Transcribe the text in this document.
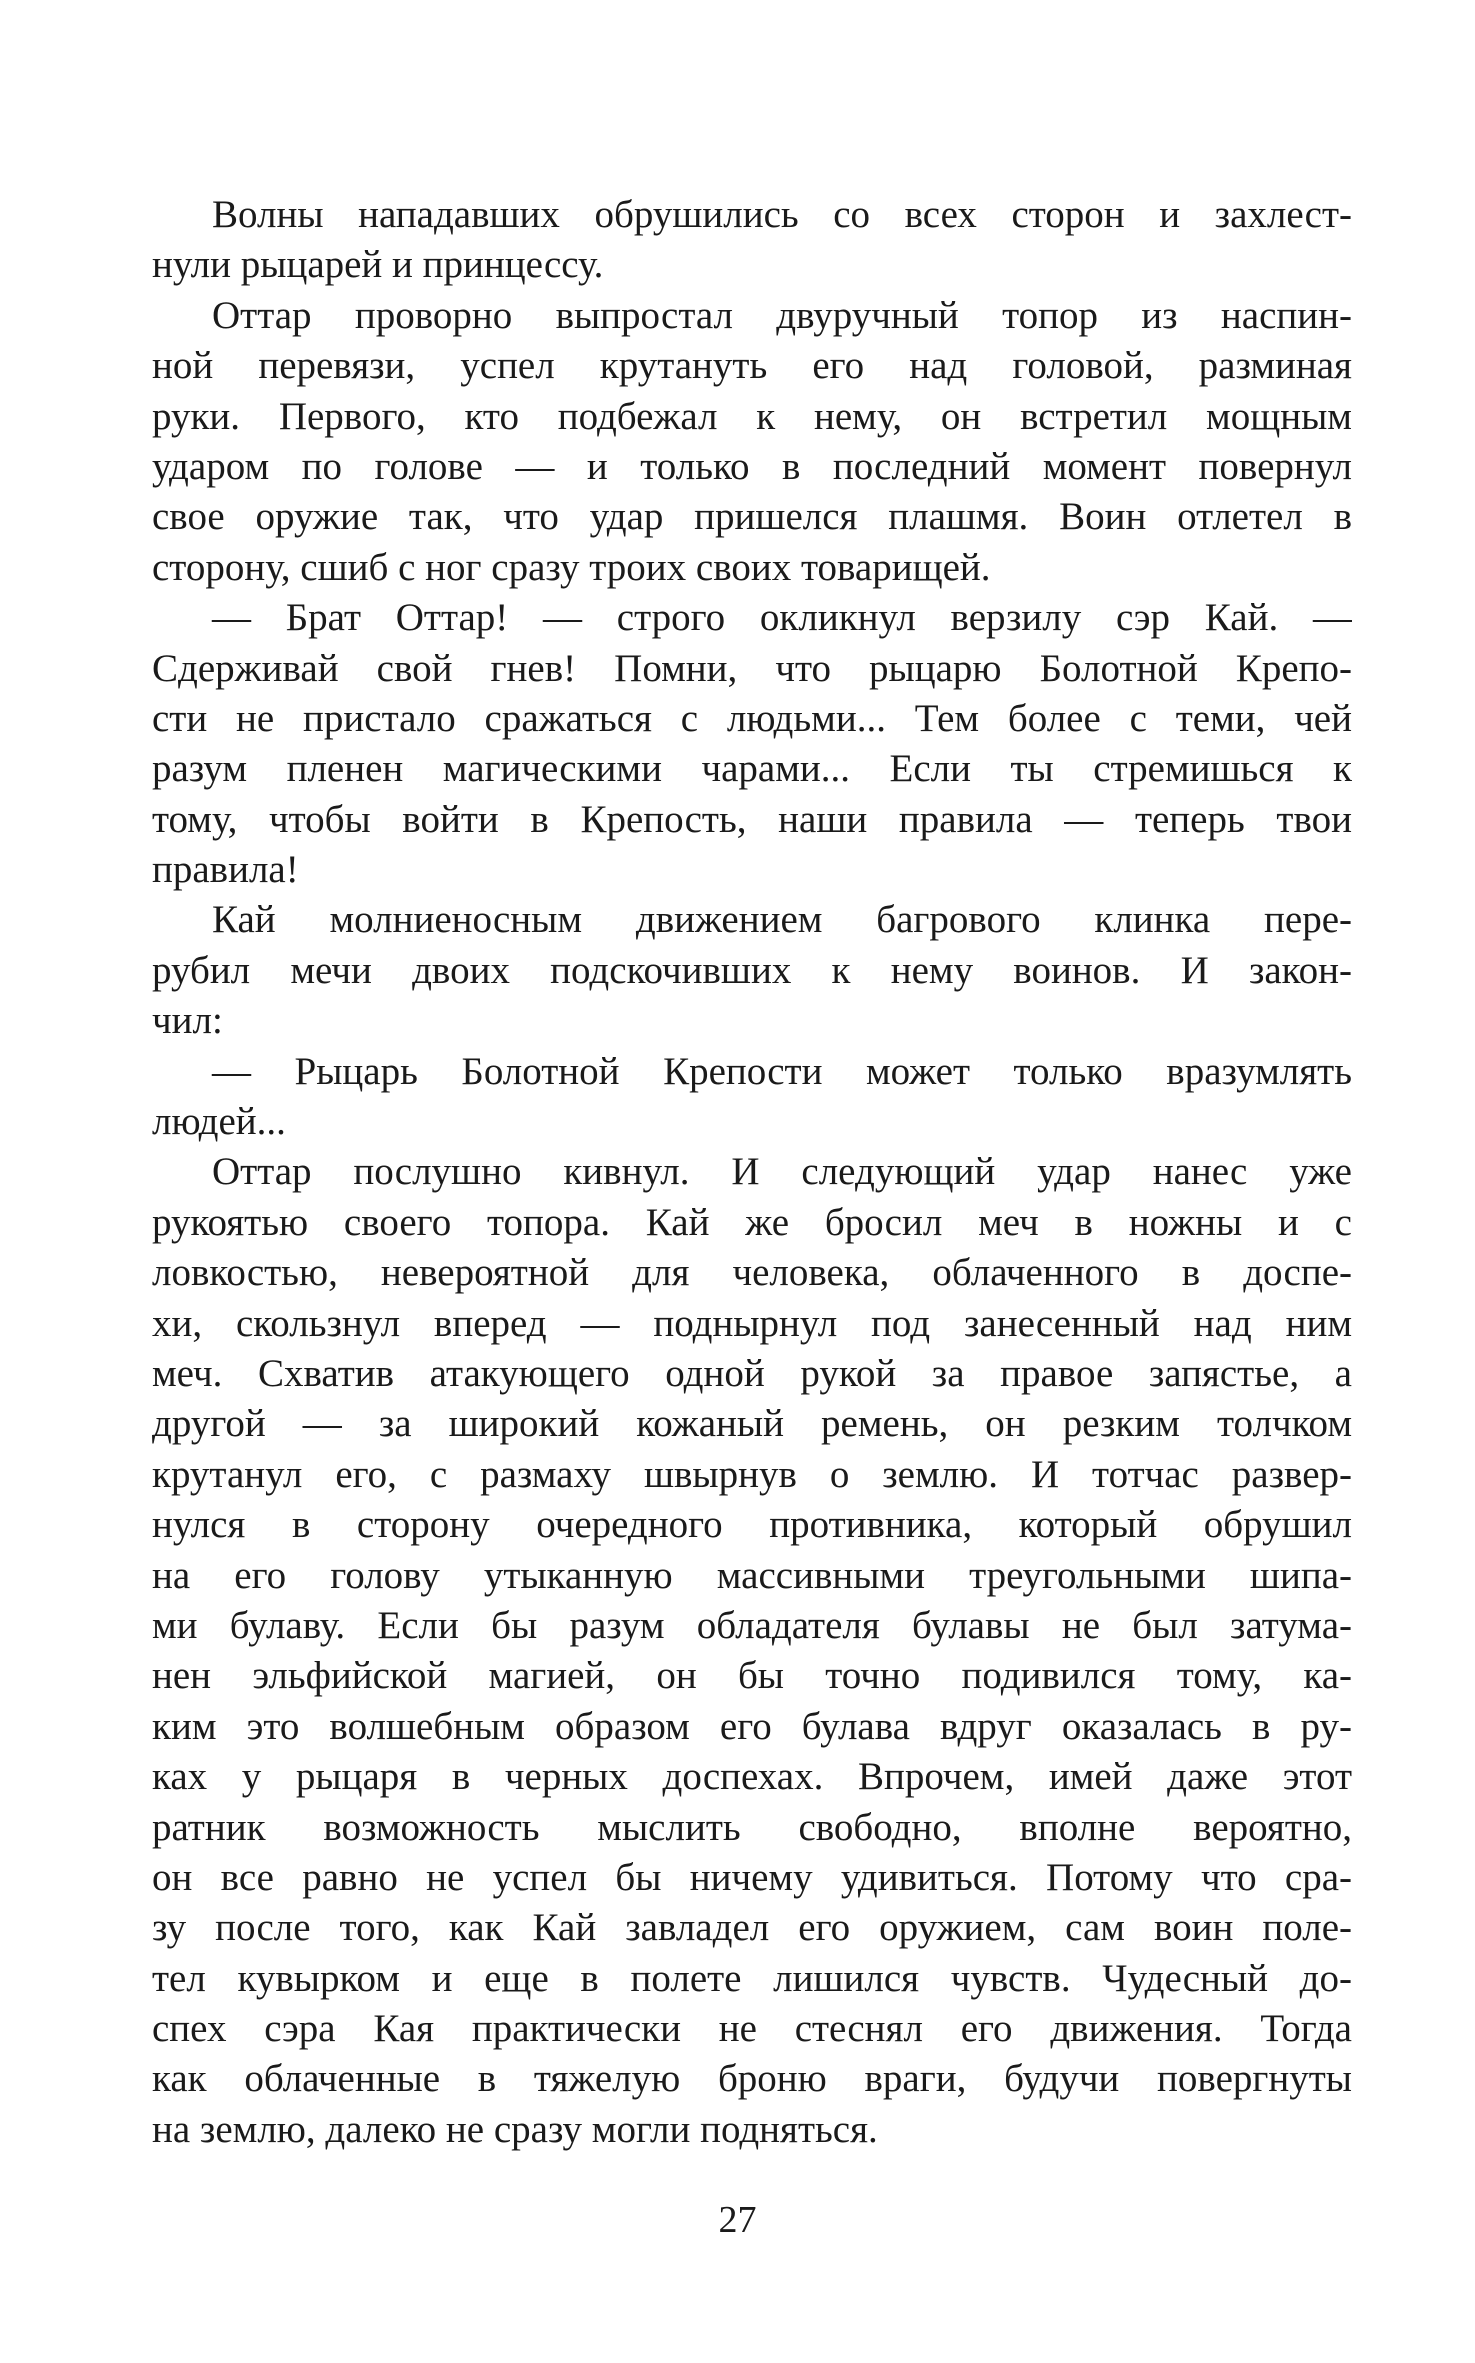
Волны нападавших обрушились со всех сторон и захлест-
нули рыцарей и принцессу.
Оттар проворно выпростал двуручный топор из наспин-
ной перевязи, успел крутануть его над головой, разминая
руки. Первого, кто подбежал к нему, он встретил мощным
ударом по голове — и только в последний момент повернул
свое оружие так, что удар пришелся плашмя. Воин отлетел в
сторону, сшиб с ног сразу троих своих товарищей.
— Брат Оттар! — строго окликнул верзилу сэр Кай. —
Сдерживай свой гнев! Помни, что рыцарю Болотной Крепо-
сти не пристало сражаться с людьми... Тем более с теми, чей
разум пленен магическими чарами... Если ты стремишься к
тому, чтобы войти в Крепость, наши правила — теперь твои
правила!
Кай молниеносным движением багрового клинка пере-
рубил мечи двоих подскочивших к нему воинов. И закон-
чил:
— Рыцарь Болотной Крепости может только вразумлять
людей...
Оттар послушно кивнул. И следующий удар нанес уже
рукоятью своего топора. Кай же бросил меч в ножны и с
ловкостью, невероятной для человека, облаченного в доспе-
хи, скользнул вперед — поднырнул под занесенный над ним
меч. Схватив атакующего одной рукой за правое запястье, а
другой — за широкий кожаный ремень, он резким толчком
крутанул его, с размаху швырнув о землю. И тотчас развер-
нулся в сторону очередного противника, который обрушил
на его голову утыканную массивными треугольными шипа-
ми булаву. Если бы разум обладателя булавы не был затума-
нен эльфийской магией, он бы точно подивился тому, ка-
ким это волшебным образом его булава вдруг оказалась в ру-
ках у рыцаря в черных доспехах. Впрочем, имей даже этот
ратник возможность мыслить свободно, вполне вероятно,
он все равно не успел бы ничему удивиться. Потому что сра-
зу после того, как Кай завладел его оружием, сам воин поле-
тел кувырком и еще в полете лишился чувств. Чудесный до-
спех сэра Кая практически не стеснял его движения. Тогда
как облаченные в тяжелую броню враги, будучи повергнуты
на землю, далеко не сразу могли подняться.
27
